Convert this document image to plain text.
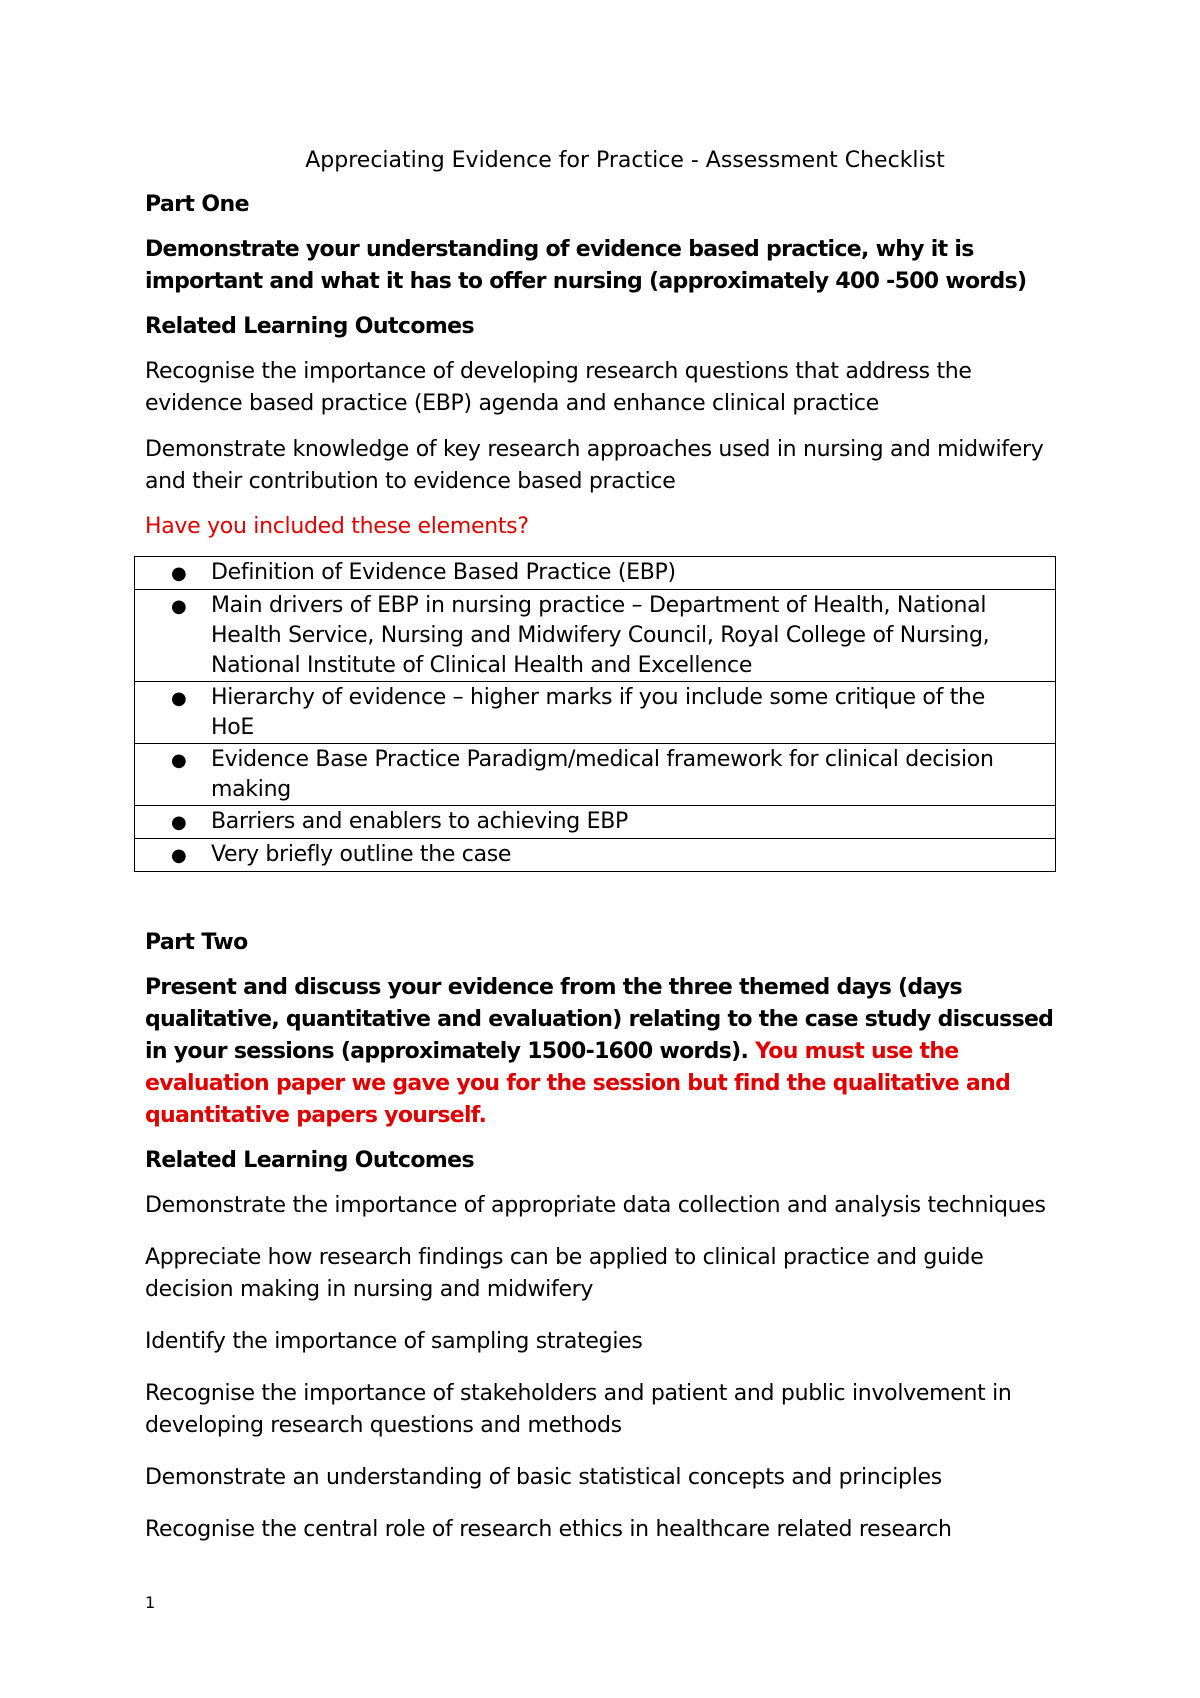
Appreciating Evidence for Practice - Assessment Checklist
Part One
Demonstrate your understanding of evidence based practice, why it is important and what it has to offer nursing (approximately 400 -500 words)
Related Learning Outcomes
Recognise the importance of developing research questions that address the evidence based practice (EBP) agenda and enhance clinical practice
Demonstrate knowledge of key research approaches used in nursing and midwifery and their contribution to evidence based practice
Have you included these elements?
● Definition of Evidence Based Practice (EBP)
● Main drivers of EBP in nursing practice – Department of Health, National Health Service, Nursing and Midwifery Council, Royal College of Nursing, National Institute of Clinical Health and Excellence
● Hierarchy of evidence – higher marks if you include some critique of the HoE
● Evidence Base Practice Paradigm/medical framework for clinical decision making
● Barriers and enablers to achieving EBP
● Very briefly outline the case
Part Two
Present and discuss your evidence from the three themed days (days qualitative, quantitative and evaluation) relating to the case study discussed in your sessions (approximately 1500-1600 words). You must use the evaluation paper we gave you for the session but find the qualitative and quantitative papers yourself.
Related Learning Outcomes
Demonstrate the importance of appropriate data collection and analysis techniques
Appreciate how research findings can be applied to clinical practice and guide decision making in nursing and midwifery
Identify the importance of sampling strategies
Recognise the importance of stakeholders and patient and public involvement in developing research questions and methods
Demonstrate an understanding of basic statistical concepts and principles
Recognise the central role of research ethics in healthcare related research
1
